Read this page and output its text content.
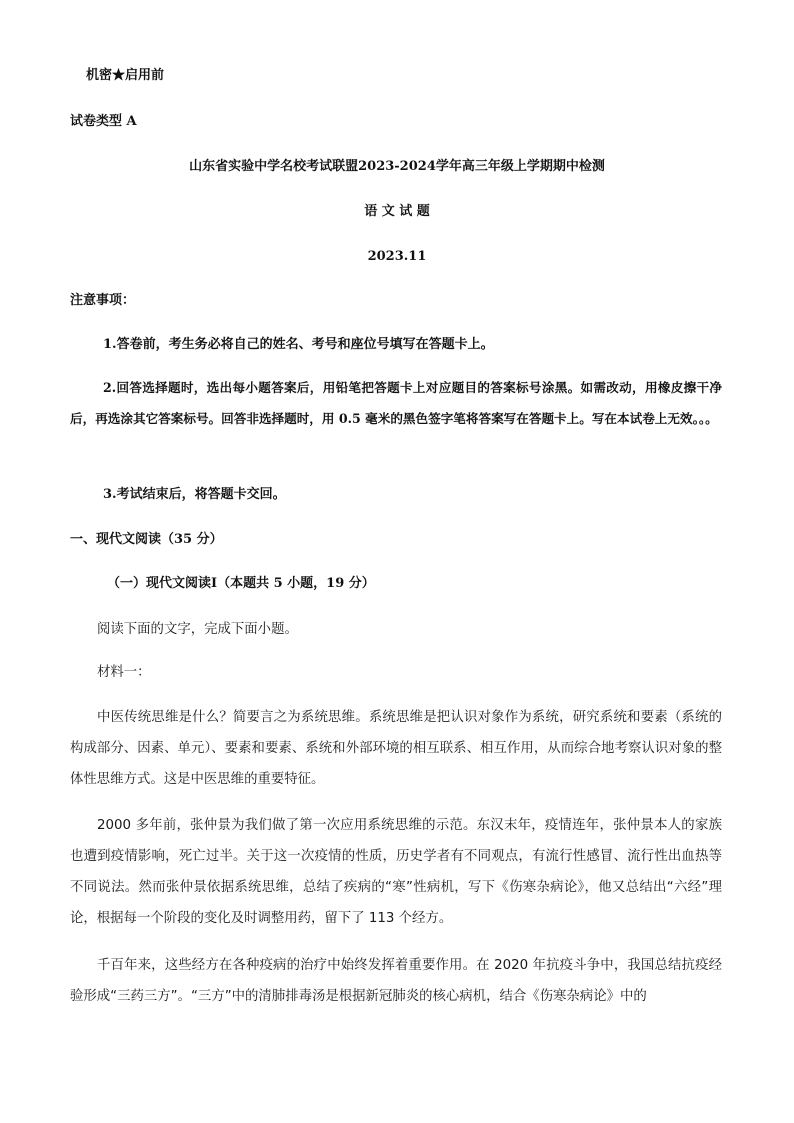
机密★启用前
试卷类型 A
山东省实验中学名校考试联盟2023-2024学年高三年级上学期期中检测
语 文 试 题
2023.11
注意事项：
1.答卷前，考生务必将自己的姓名、考号和座位号填写在答题卡上。
2.回答选择题时，选出每小题答案后，用铅笔把答题卡上对应题目的答案标号涂黑。如需改动，用橡皮擦干净后，再选涂其它答案标号。回答非选择题时，用 0.5 毫米的黑色签字笔将答案写在答题卡上。写在本试卷上无效。。。
3.考试结束后，将答题卡交回。
一、现代文阅读（35 分）
（一）现代文阅读Ⅰ（本题共 5 小题，19 分）
阅读下面的文字，完成下面小题。
材料一：
中医传统思维是什么？简要言之为系统思维。系统思维是把认识对象作为系统，研究系统和要素（系统的构成部分、因素、单元）、要素和要素、系统和外部环境的相互联系、相互作用，从而综合地考察认识对象的整体性思维方式。这是中医思维的重要特征。
2000 多年前，张仲景为我们做了第一次应用系统思维的示范。东汉末年，疫情连年，张仲景本人的家族也遭到疫情影响，死亡过半。关于这一次疫情的性质，历史学者有不同观点，有流行性感冒、流行性出血热等不同说法。然而张仲景依据系统思维，总结了疾病的“寒”性病机，写下《伤寒杂病论》，他又总结出“六经”理论，根据每一个阶段的变化及时调整用药，留下了 113 个经方。
千百年来，这些经方在各种疫病的治疗中始终发挥着重要作用。在 2020 年抗疫斗争中，我国总结抗疫经验形成“三药三方”。“三方”中的清肺排毒汤是根据新冠肺炎的核心病机，结合《伤寒杂病论》中的
